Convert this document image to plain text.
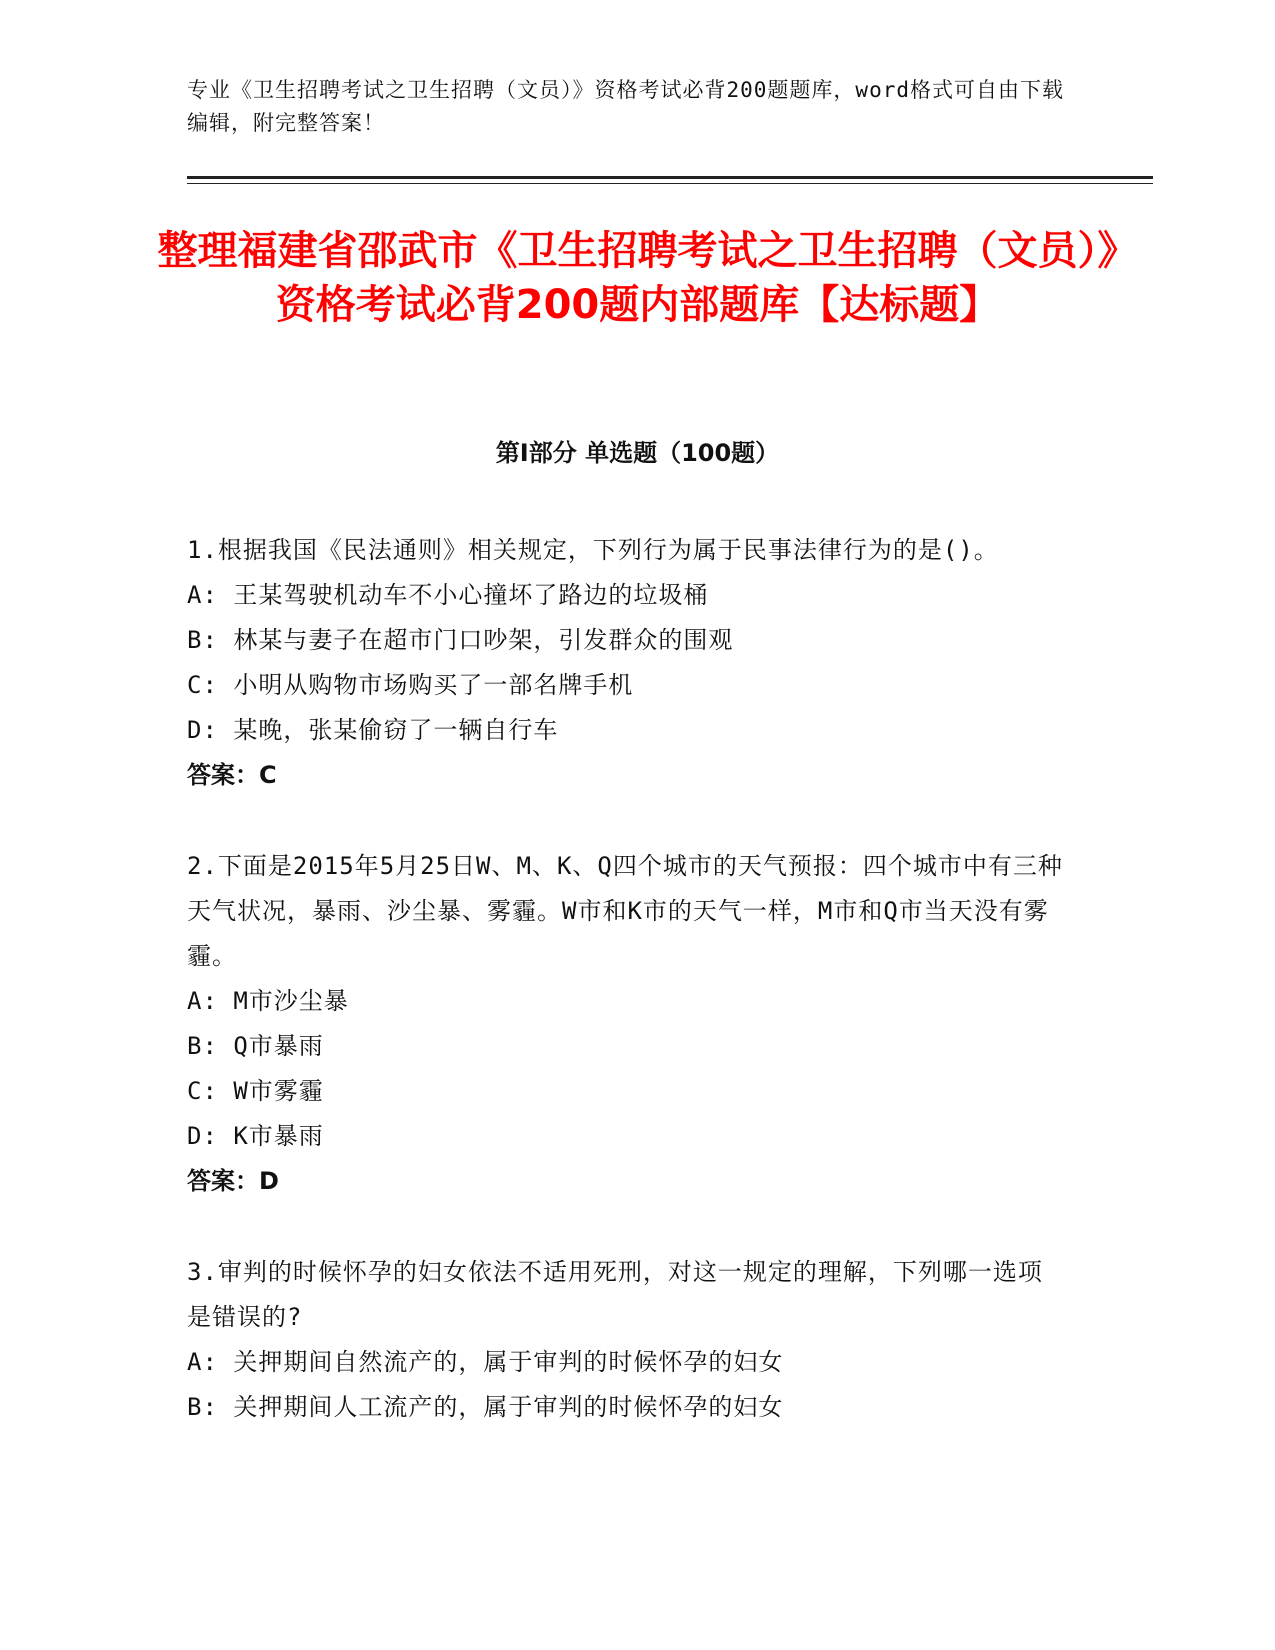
专业《卫生招聘考试之卫生招聘（文员）》资格考试必背200题题库，word格式可自由下载编辑，附完整答案！
整理福建省邵武市《卫生招聘考试之卫生招聘（文员）》资格考试必背200题内部题库【达标题】
第Ⅰ部分 单选题（100题）
1.根据我国《民法通则》相关规定，下列行为属于民事法律行为的是()。
A: 王某驾驶机动车不小心撞坏了路边的垃圾桶
B: 林某与妻子在超市门口吵架，引发群众的围观
C: 小明从购物市场购买了一部名牌手机
D: 某晚，张某偷窃了一辆自行车
答案：C
2.下面是2015年5月25日W、M、K、Q四个城市的天气预报：四个城市中有三种天气状况，暴雨、沙尘暴、雾霾。W市和K市的天气一样，M市和Q市当天没有雾霾。
A: M市沙尘暴
B: Q市暴雨
C: W市雾霾
D: K市暴雨
答案：D
3.审判的时候怀孕的妇女依法不适用死刑，对这一规定的理解，下列哪一选项是错误的?
A: 关押期间自然流产的，属于审判的时候怀孕的妇女
B: 关押期间人工流产的，属于审判的时候怀孕的妇女
